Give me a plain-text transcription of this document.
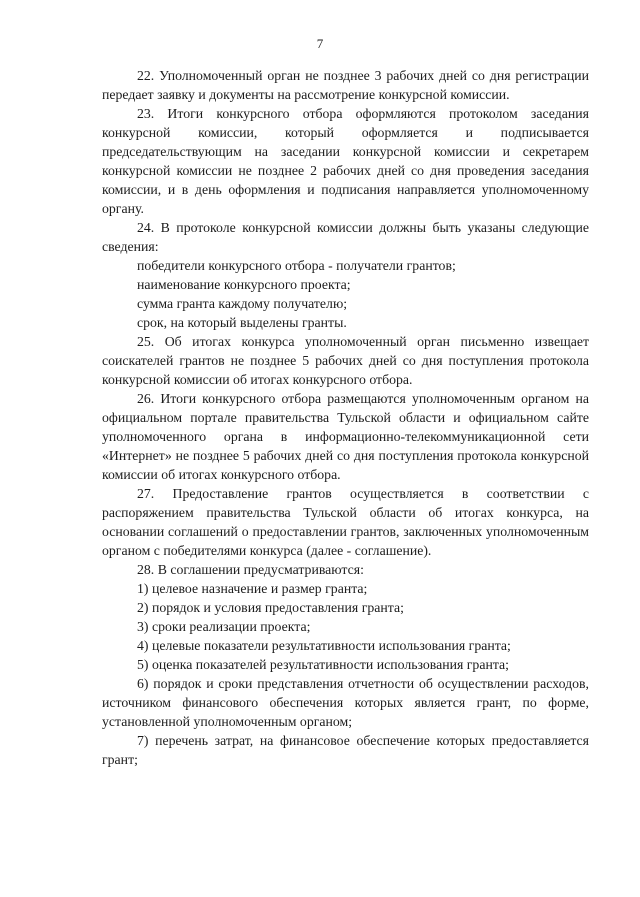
7

22. Уполномоченный орган не позднее 3 рабочих дней со дня регистрации передает заявку и документы на рассмотрение конкурсной комиссии.

23. Итоги конкурсного отбора оформляются протоколом заседания конкурсной комиссии, который оформляется и подписывается председательствующим на заседании конкурсной комиссии и секретарем конкурсной комиссии не позднее 2 рабочих дней со дня проведения заседания комиссии, и в день оформления и подписания направляется уполномоченному органу.

24. В протоколе конкурсной комиссии должны быть указаны следующие сведения:

победители конкурсного отбора - получатели грантов;

наименование конкурсного проекта;

сумма гранта каждому получателю;

срок, на который выделены гранты.

25. Об итогах конкурса уполномоченный орган письменно извещает соискателей грантов не позднее 5 рабочих дней со дня поступления протокола конкурсной комиссии об итогах конкурсного отбора.

26. Итоги конкурсного отбора размещаются уполномоченным органом на официальном портале правительства Тульской области и официальном сайте уполномоченного органа в информационно-телекоммуникационной сети «Интернет» не позднее 5 рабочих дней со дня поступления протокола конкурсной комиссии об итогах конкурсного отбора.

27. Предоставление грантов осуществляется в соответствии с распоряжением правительства Тульской области об итогах конкурса, на основании соглашений о предоставлении грантов, заключенных уполномоченным органом с победителями конкурса (далее - соглашение).

28. В соглашении предусматриваются:

1) целевое назначение и размер гранта;

2) порядок и условия предоставления гранта;

3) сроки реализации проекта;

4) целевые показатели результативности использования гранта;

5) оценка показателей результативности использования гранта;

6) порядок и сроки представления отчетности об осуществлении расходов, источником финансового обеспечения которых является грант, по форме, установленной уполномоченным органом;

7) перечень затрат, на финансовое обеспечение которых предоставляется грант;
